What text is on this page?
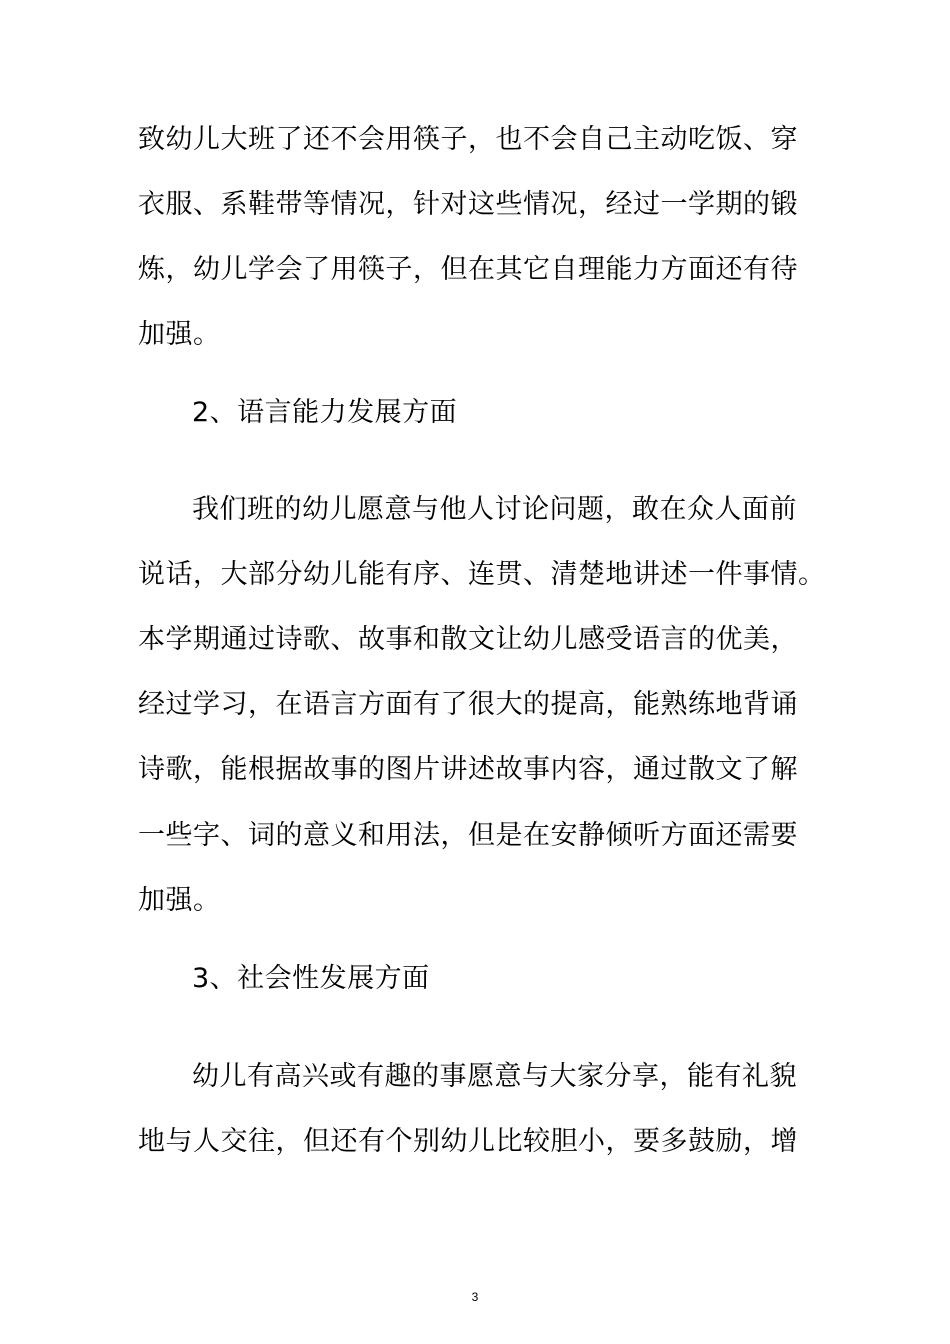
致幼儿大班了还不会用筷子，也不会自己主动吃饭、穿
衣服、系鞋带等情况，针对这些情况，经过一学期的锻
炼，幼儿学会了用筷子，但在其它自理能力方面还有待
加强。
2、语言能力发展方面
我们班的幼儿愿意与他人讨论问题，敢在众人面前
说话，大部分幼儿能有序、连贯、清楚地讲述一件事情。
本学期通过诗歌、故事和散文让幼儿感受语言的优美，
经过学习，在语言方面有了很大的提高，能熟练地背诵
诗歌，能根据故事的图片讲述故事内容，通过散文了解
一些字、词的意义和用法，但是在安静倾听方面还需要
加强。
3、社会性发展方面
幼儿有高兴或有趣的事愿意与大家分享，能有礼貌
地与人交往，但还有个别幼儿比较胆小，要多鼓励，增
3
